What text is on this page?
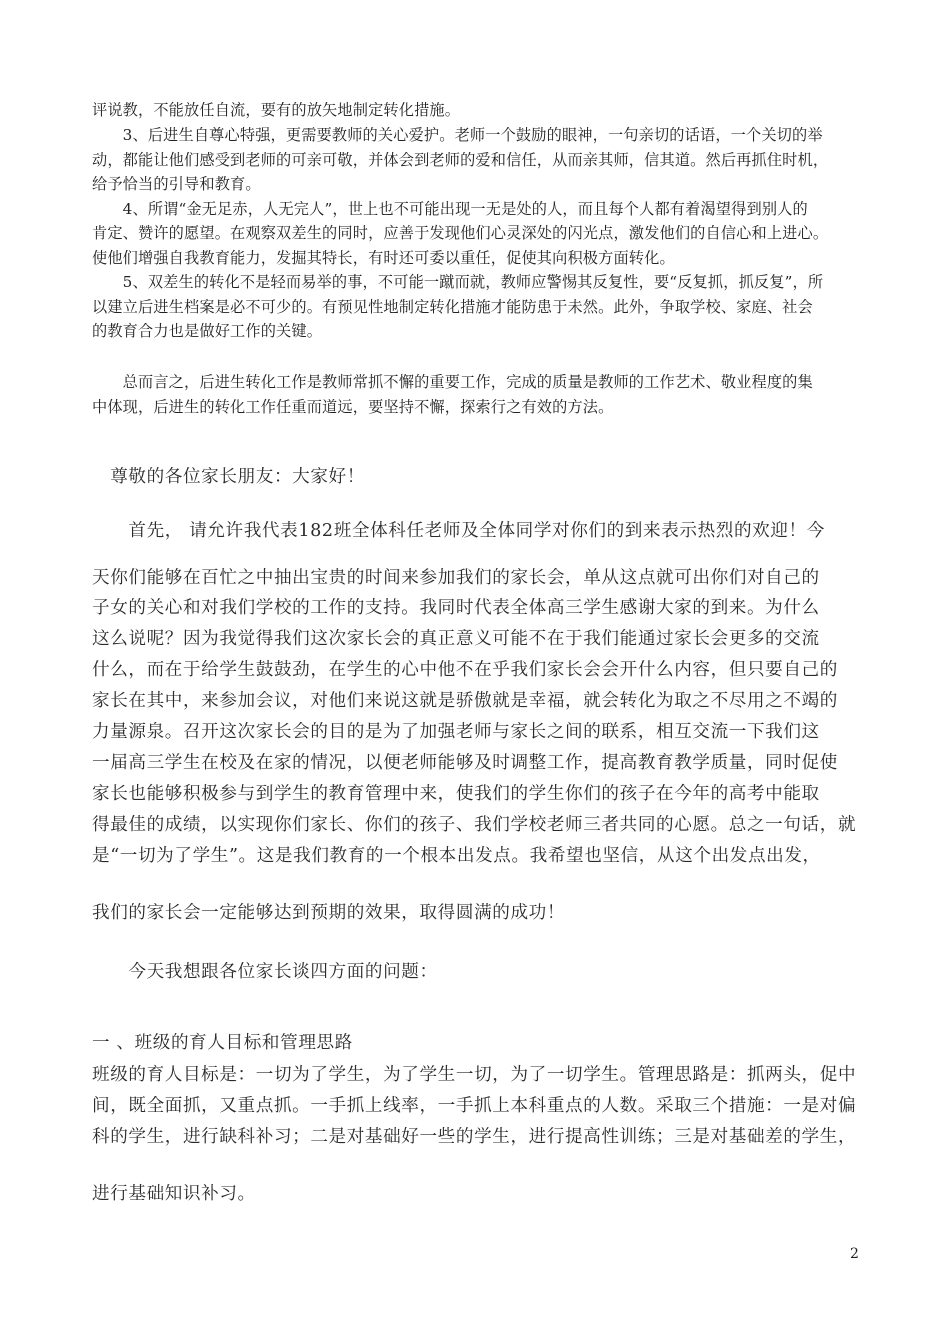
评说教，不能放任自流，要有的放矢地制定转化措施。
　　3、后进生自尊心特强，更需要教师的关心爱护。老师一个鼓励的眼神，一句亲切的话语，一个关切的举
动，都能让他们感受到老师的可亲可敬，并体会到老师的爱和信任，从而亲其师，信其道。然后再抓住时机，
给予恰当的引导和教育。
　　4、所谓“金无足赤，人无完人”，世上也不可能出现一无是处的人，而且每个人都有着渴望得到别人的
肯定、赞许的愿望。在观察双差生的同时，应善于发现他们心灵深处的闪光点，激发他们的自信心和上进心。
使他们增强自我教育能力，发掘其特长，有时还可委以重任，促使其向积极方面转化。
　　5、双差生的转化不是轻而易举的事，不可能一蹴而就，教师应警惕其反复性，要“反复抓，抓反复”，所
以建立后进生档案是必不可少的。有预见性地制定转化措施才能防患于未然。此外，争取学校、家庭、社会
的教育合力也是做好工作的关键。
　　总而言之，后进生转化工作是教师常抓不懈的重要工作，完成的质量是教师的工作艺术、敬业程度的集
中体现，后进生的转化工作任重而道远，要坚持不懈，探索行之有效的方法。
　尊敬的各位家长朋友：大家好！
　　首先， 请允许我代表182班全体科任老师及全体同学对你们的到来表示热烈的欢迎！今
天你们能够在百忙之中抽出宝贵的时间来参加我们的家长会，单从这点就可出你们对自己的
子女的关心和对我们学校的工作的支持。我同时代表全体高三学生感谢大家的到来。为什么
这么说呢？因为我觉得我们这次家长会的真正意义可能不在于我们能通过家长会更多的交流
什么，而在于给学生鼓鼓劲，在学生的心中他不在乎我们家长会会开什么内容，但只要自己的
家长在其中，来参加会议，对他们来说这就是骄傲就是幸福，就会转化为取之不尽用之不竭的
力量源泉。召开这次家长会的目的是为了加强老师与家长之间的联系，相互交流一下我们这
一届高三学生在校及在家的情况，以便老师能够及时调整工作，提高教育教学质量，同时促使
家长也能够积极参与到学生的教育管理中来，使我们的学生你们的孩子在今年的高考中能取
得最佳的成绩，以实现你们家长、你们的孩子、我们学校老师三者共同的心愿。总之一句话，就
是“一切为了学生”。这是我们教育的一个根本出发点。我希望也坚信，从这个出发点出发，
我们的家长会一定能够达到预期的效果，取得圆满的成功！
　　今天我想跟各位家长谈四方面的问题：
一 、班级的育人目标和管理思路
班级的育人目标是：一切为了学生，为了学生一切，为了一切学生。管理思路是：抓两头，促中
间，既全面抓，又重点抓。一手抓上线率，一手抓上本科重点的人数。采取三个措施：一是对偏
科的学生，进行缺科补习；二是对基础好一些的学生，进行提高性训练；三是对基础差的学生，
进行基础知识补习。
2
